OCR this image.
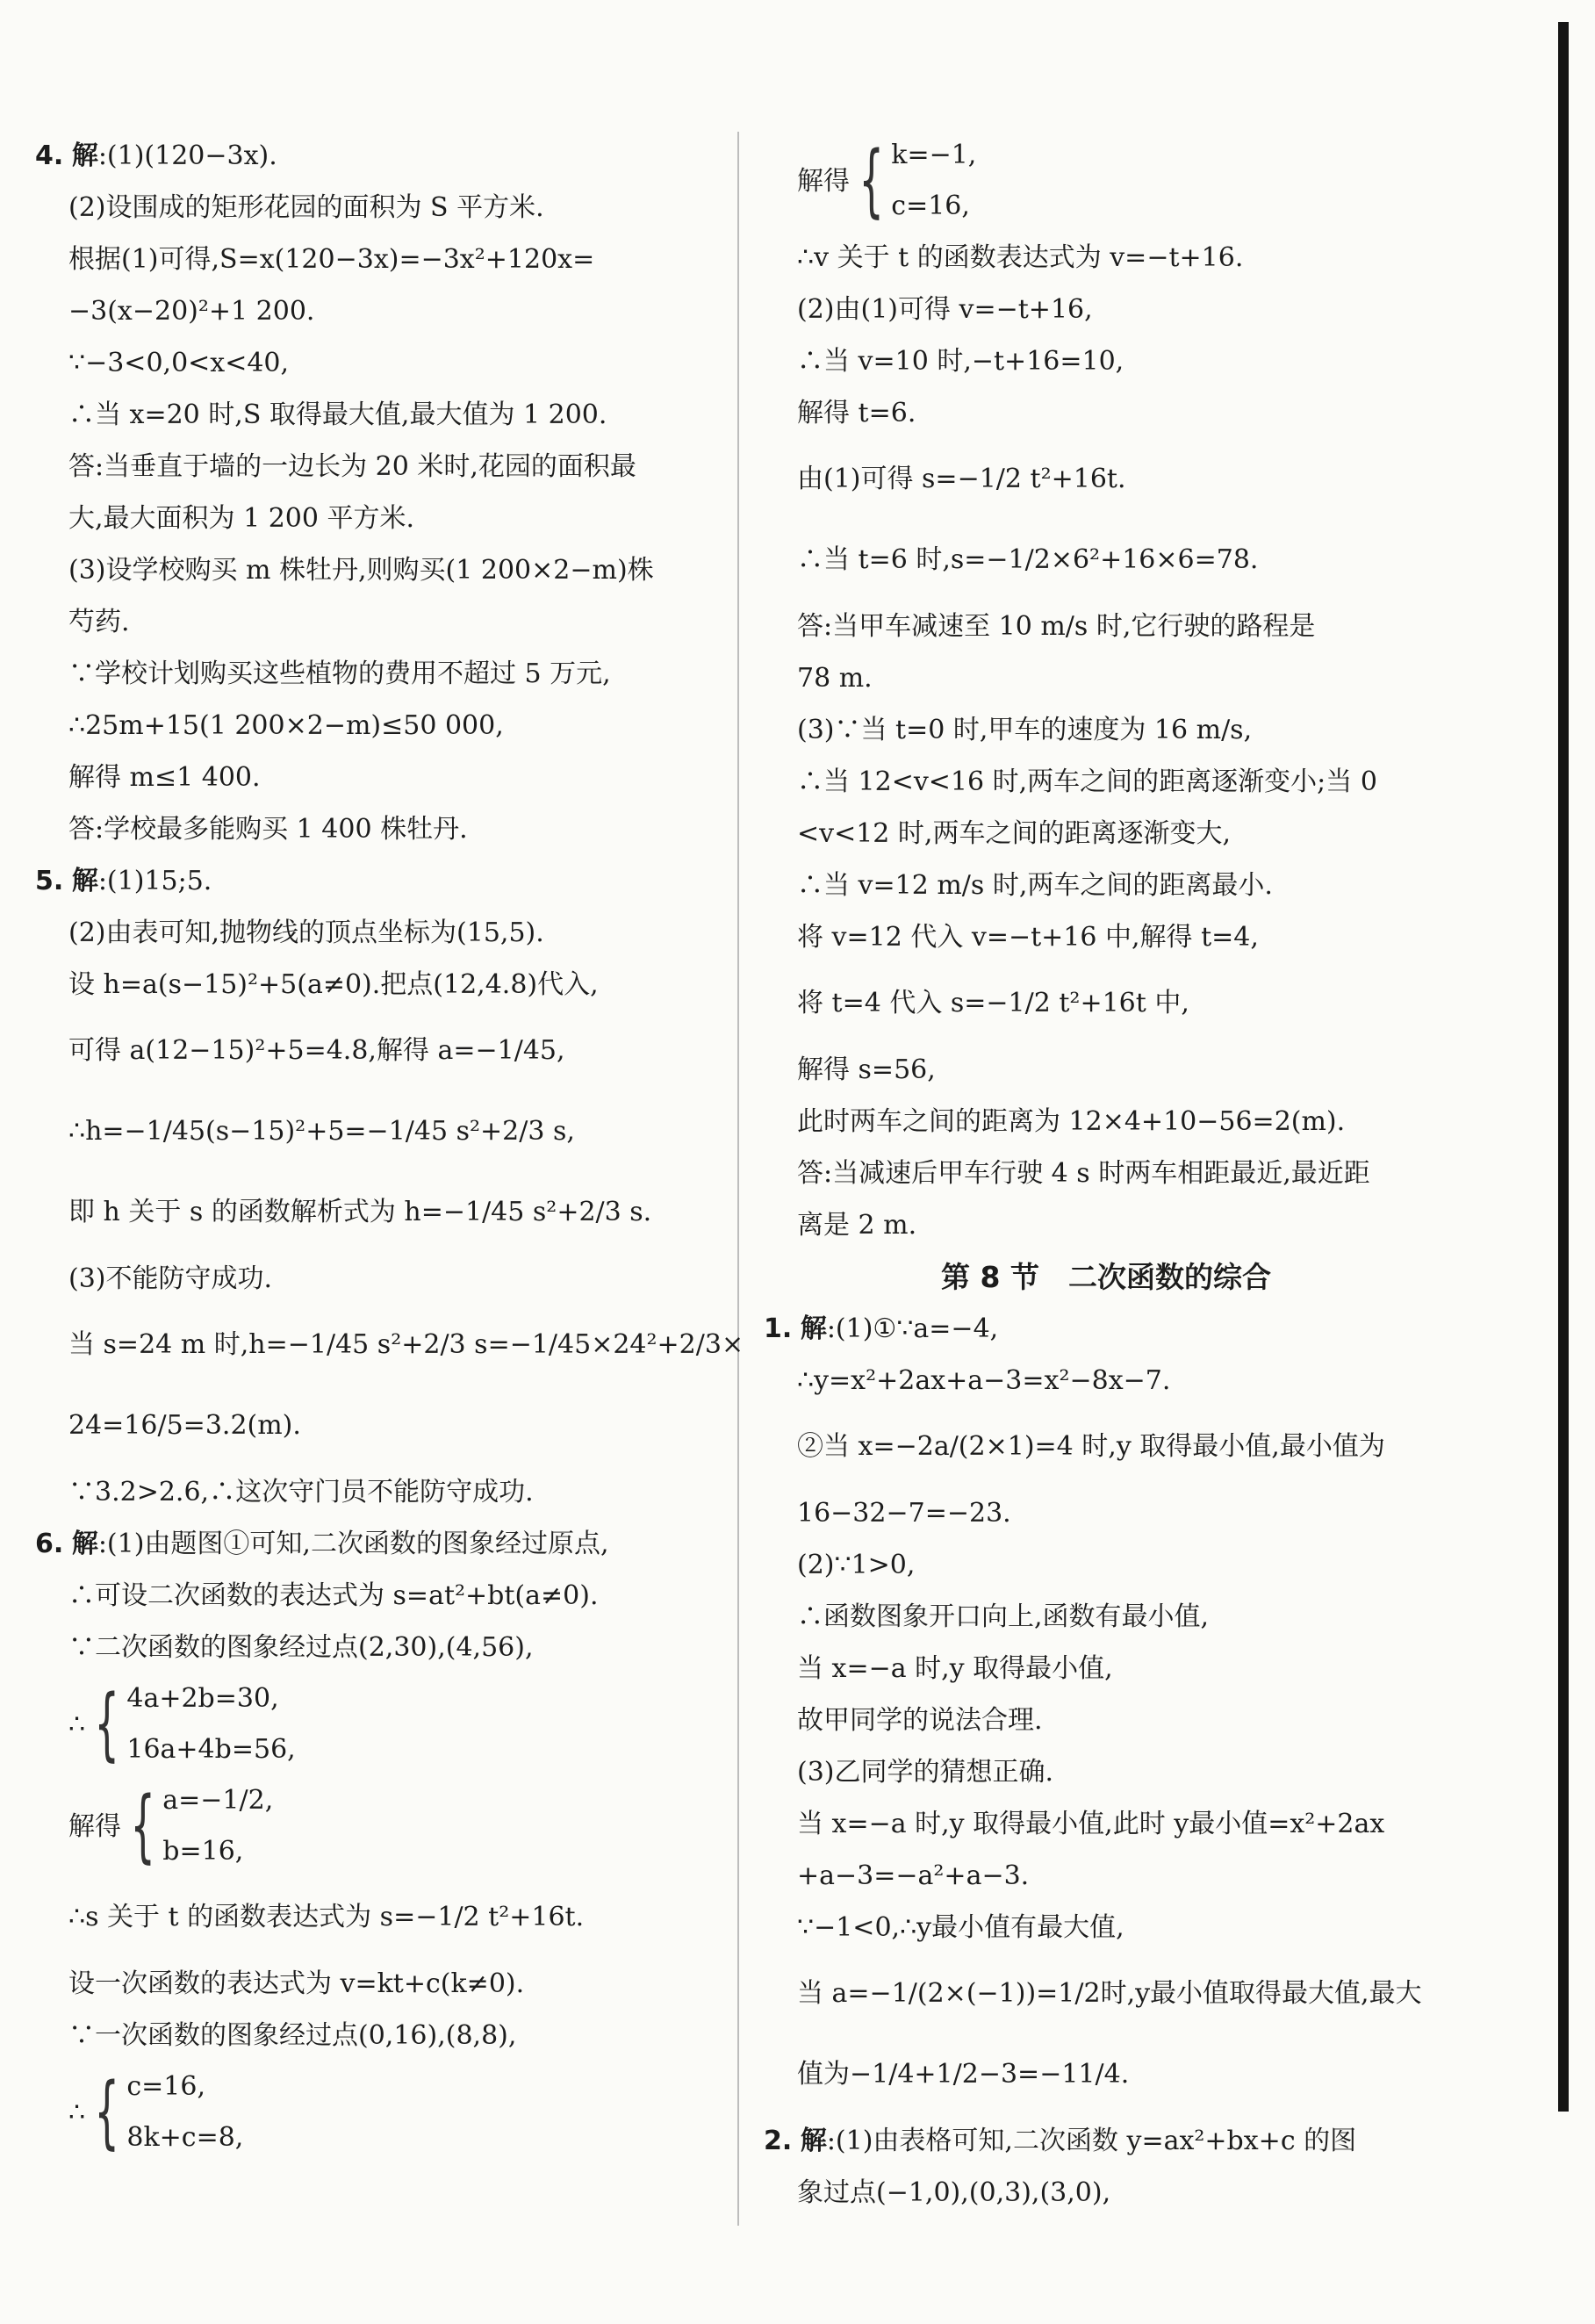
4. 解:(1)(120−3x).
(2)设围成的矩形花园的面积为 S 平方米.
根据(1)可得,S=x(120−3x)=−3x²+120x=
−3(x−20)²+1 200.
∵−3<0,0<x<40,
∴当 x=20 时,S 取得最大值,最大值为 1 200.
答:当垂直于墙的一边长为 20 米时,花园的面积最
大,最大面积为 1 200 平方米.
(3)设学校购买 m 株牡丹,则购买(1 200×2−m)株
芍药.
∵学校计划购买这些植物的费用不超过 5 万元,
∴25m+15(1 200×2−m)≤50 000,
解得 m≤1 400.
答:学校最多能购买 1 400 株牡丹.
5. 解:(1)15;5.
(2)由表可知,抛物线的顶点坐标为(15,5).
设 h=a(s−15)²+5(a≠0).把点(12,4.8)代入,
可得 a(12−15)²+5=4.8,解得 a=−1/45,
∴h=−1/45(s−15)²+5=−1/45 s²+2/3 s,
即 h 关于 s 的函数解析式为 h=−1/45 s²+2/3 s.
(3)不能防守成功.
当 s=24 m 时,h=−1/45 s²+2/3 s=−1/45×24²+2/3×
24=16/5=3.2(m).
∵3.2>2.6,∴这次守门员不能防守成功.
6. 解:(1)由题图①可知,二次函数的图象经过原点,
∴可设二次函数的表达式为 s=at²+bt(a≠0).
∵二次函数的图象经过点(2,30),(4,56),
∴ { 4a+2b=30,
16a+4b=56,
解得 { a=−1/2,
b=16,
∴s 关于 t 的函数表达式为 s=−1/2 t²+16t.
设一次函数的表达式为 v=kt+c(k≠0).
∵一次函数的图象经过点(0,16),(8,8),
∴ { c=16,
8k+c=8,
解得 { k=−1,
c=16,
∴v 关于 t 的函数表达式为 v=−t+16.
(2)由(1)可得 v=−t+16,
∴当 v=10 时,−t+16=10,
解得 t=6.
由(1)可得 s=−1/2 t²+16t.
∴当 t=6 时,s=−1/2×6²+16×6=78.
答:当甲车减速至 10 m/s 时,它行驶的路程是
78 m.
(3)∵当 t=0 时,甲车的速度为 16 m/s,
∴当 12<v<16 时,两车之间的距离逐渐变小;当 0
<v<12 时,两车之间的距离逐渐变大,
∴当 v=12 m/s 时,两车之间的距离最小.
将 v=12 代入 v=−t+16 中,解得 t=4,
将 t=4 代入 s=−1/2 t²+16t 中,
解得 s=56,
此时两车之间的距离为 12×4+10−56=2(m).
答:当减速后甲车行驶 4 s 时两车相距最近,最近距
离是 2 m.
第 8 节　二次函数的综合
1. 解:(1)①∵a=−4,
∴y=x²+2ax+a−3=x²−8x−7.
②当 x=−2a/(2×1)=4 时,y 取得最小值,最小值为
16−32−7=−23.
(2)∵1>0,
∴函数图象开口向上,函数有最小值,
当 x=−a 时,y 取得最小值,
故甲同学的说法合理.
(3)乙同学的猜想正确.
当 x=−a 时,y 取得最小值,此时 y最小值=x²+2ax
+a−3=−a²+a−3.
∵−1<0,∴y最小值有最大值,
当 a=−1/(2×(−1))=1/2时,y最小值取得最大值,最大
值为−1/4+1/2−3=−11/4.
2. 解:(1)由表格可知,二次函数 y=ax²+bx+c 的图
象过点(−1,0),(0,3),(3,0),
